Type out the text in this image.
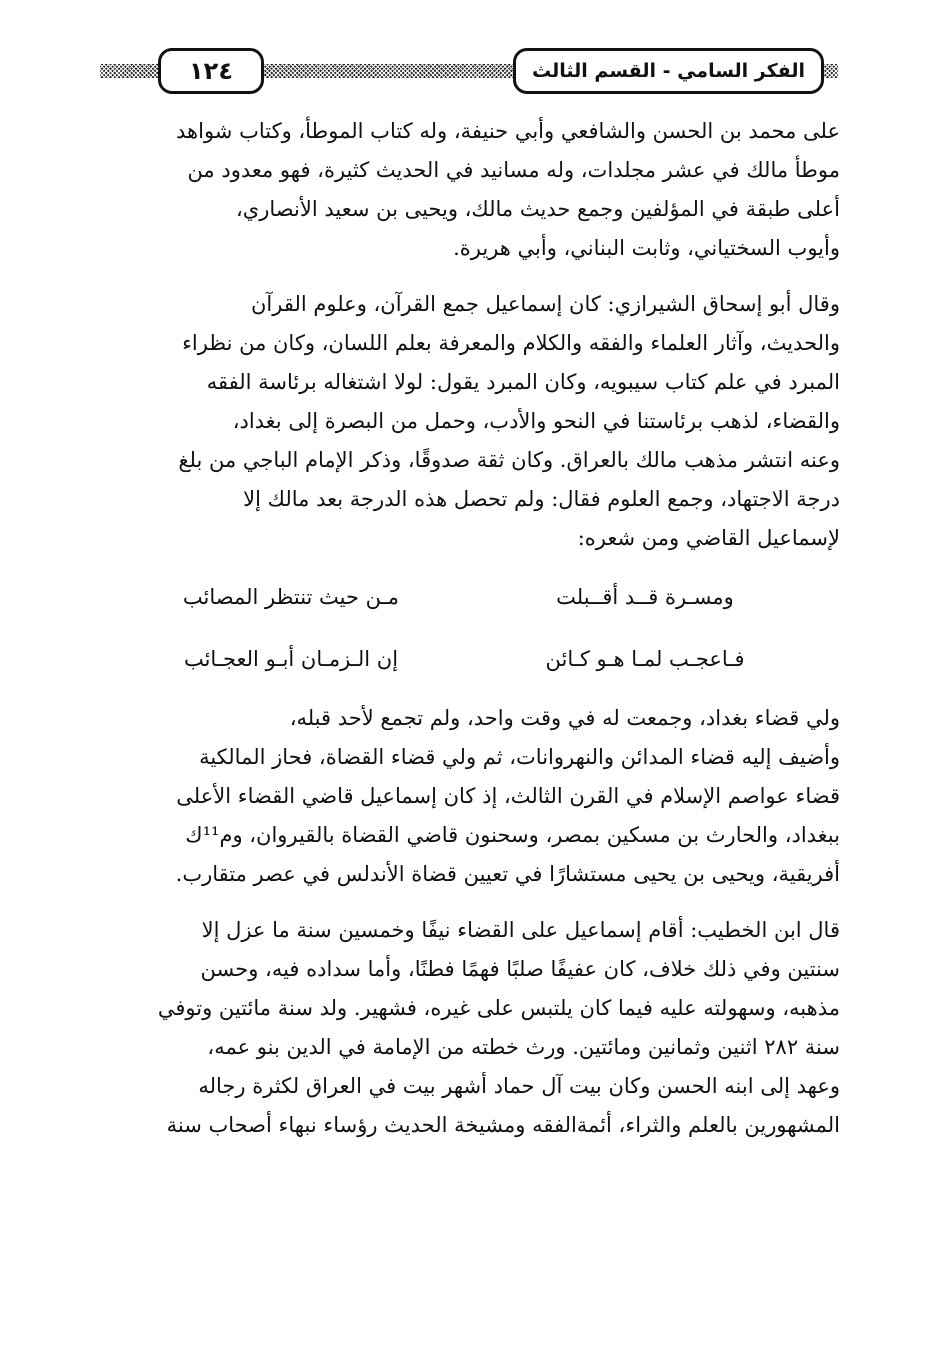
الفكر السامي - القسم الثالث
١٢٤
على محمد بن الحسن والشافعي وأبي حنيفة، وله كتاب الموطأ، وكتاب شواهد
موطأ مالك في عشر مجلدات، وله مسانيد في الحديث كثيرة، فهو معدود من
أعلى طبقة في المؤلفين وجمع حديث مالك، ويحيى بن سعيد الأنصاري،
وأيوب السختياني، وثابت البناني، وأبي هريرة.
وقال أبو إسحاق الشيرازي: كان إسماعيل جمع القرآن، وعلوم القرآن
والحديث، وآثار العلماء والفقه والكلام والمعرفة بعلم اللسان، وكان من نظراء
المبرد في علم كتاب سيبويه، وكان المبرد يقول: لولا اشتغاله برئاسة الفقه
والقضاء، لذهب برئاستنا في النحو والأدب، وحمل من البصرة إلى بغداد،
وعنه انتشر مذهب مالك بالعراق. وكان ثقة صدوقًا، وذكر الإمام الباجي من بلغ
درجة الاجتهاد، وجمع العلوم فقال: ولم تحصل هذه الدرجة بعد مالك إلا
لإسماعيل القاضي ومن شعره:
ومسـرة قــد أقــبلت
مـن حيث تنتظر المصائب
فـاعجـب لمـا هـو كـائن
إن الـزمـان أبـو العجـائب
ولي قضاء بغداد، وجمعت له في وقت واحد، ولم تجمع لأحد قبله،
وأضيف إليه قضاء المدائن والنهروانات، ثم ولي قضاء القضاة، فحاز المالكية
قضاء عواصم الإسلام في القرن الثالث، إذ كان إسماعيل قاضي القضاء الأعلى
ببغداد، والحارث بن مسكين بمصر، وسحنون قاضي القضاة بالقيروان، وم¹¹ك
أفريقية، ويحيى بن يحيى مستشارًا في تعيين قضاة الأندلس في عصر متقارب.
قال ابن الخطيب: أقام إسماعيل على القضاء نيفًا وخمسين سنة ما عزل إلا
سنتين وفي ذلك خلاف، كان عفيفًا صلبًا فهمًا فطنًا، وأما سداده فيه، وحسن
مذهبه، وسهولته عليه فيما كان يلتبس على غيره، فشهير. ولد سنة مائتين وتوفي
سنة ٢٨٢ اثنين وثمانين ومائتين. ورث خطته من الإمامة في الدين بنو عمه،
وعهد إلى ابنه الحسن وكان بيت آل حماد أشهر بيت في العراق لكثرة رجاله
المشهورين بالعلم والثراء، أئمةالفقه ومشيخة الحديث رؤساء نبهاء أصحاب سنة
